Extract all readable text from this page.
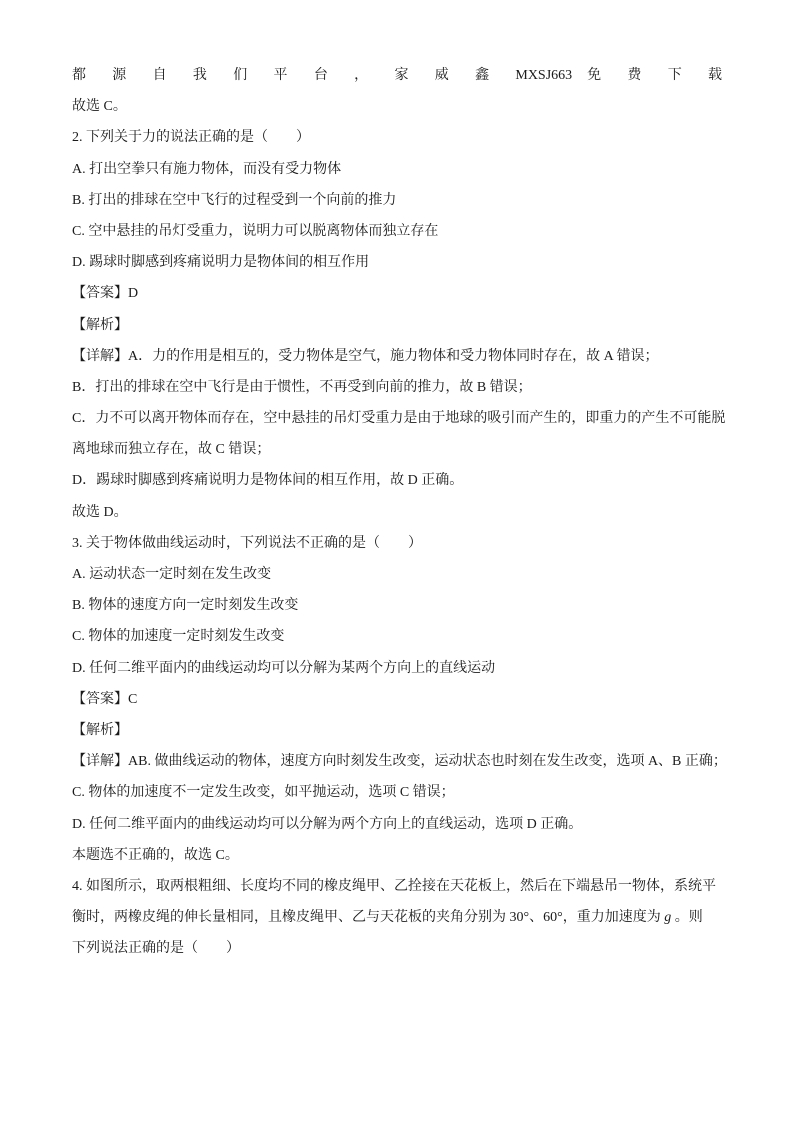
都 源 自 我 们 平 台 ， 家 威 鑫 MXSJ663 免 费 下 载
故选 C。
2. 下列关于力的说法正确的是（　　）
A. 打出空拳只有施力物体，而没有受力物体
B. 打出的排球在空中飞行的过程受到一个向前的推力
C. 空中悬挂的吊灯受重力，说明力可以脱离物体而独立存在
D. 踢球时脚感到疼痛说明力是物体间的相互作用
【答案】D
【解析】
【详解】A．力的作用是相互的，受力物体是空气，施力物体和受力物体同时存在，故 A 错误；
B．打出的排球在空中飞行是由于惯性，不再受到向前的推力，故 B 错误；
C．力不可以离开物体而存在，空中悬挂的吊灯受重力是由于地球的吸引而产生的，即重力的产生不可能脱
离地球而独立存在，故 C 错误；
D．踢球时脚感到疼痛说明力是物体间的相互作用，故 D 正确。
故选 D。
3. 关于物体做曲线运动时，下列说法不正确的是（　　）
A. 运动状态一定时刻在发生改变
B. 物体的速度方向一定时刻发生改变
C. 物体的加速度一定时刻发生改变
D. 任何二维平面内的曲线运动均可以分解为某两个方向上的直线运动
【答案】C
【解析】
【详解】AB. 做曲线运动的物体，速度方向时刻发生改变，运动状态也时刻在发生改变，选项 A、B 正确；
C. 物体的加速度不一定发生改变，如平抛运动，选项 C 错误；
D. 任何二维平面内的曲线运动均可以分解为两个方向上的直线运动，选项 D 正确。
本题选不正确的，故选 C。
4. 如图所示，取两根粗细、长度均不同的橡皮绳甲、乙拴接在天花板上，然后在下端悬吊一物体，系统平
衡时，两橡皮绳的伸长量相同，且橡皮绳甲、乙与天花板的夹角分别为 30°、60°，重力加速度为 g 。则
下列说法正确的是（　　）
